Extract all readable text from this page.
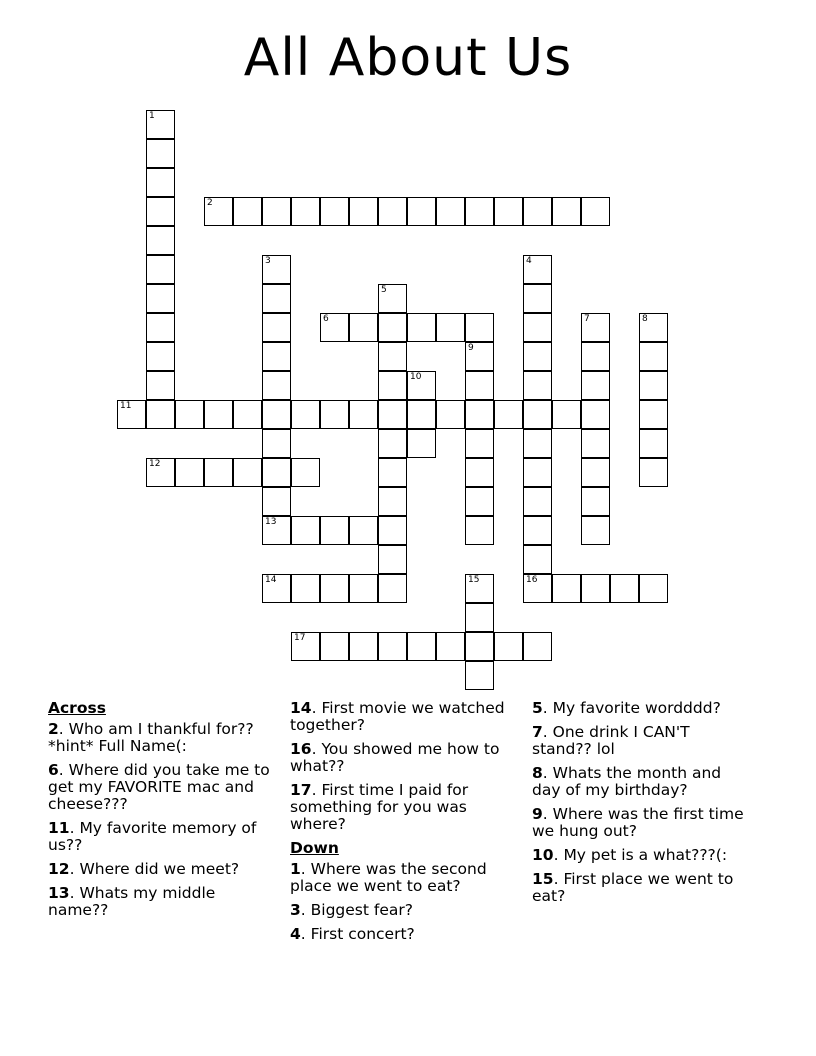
All About Us
1
2
3	4
5
6	7	8
9
10
11
12
13
14	15	16
17
Across
2. Who am I thankful for?? *hint* Full Name(:
6. Where did you take me to get my FAVORITE mac and cheese???
11. My favorite memory of us??
12. Where did we meet?
13. Whats my middle name??
14. First movie we watched together?
16. You showed me how to what??
17. First time I paid for something for you was where?
Down
1. Where was the second place we went to eat?
3. Biggest fear?
4. First concert?
5. My favorite wordddd?
7. One drink I CAN'T stand?? lol
8. Whats the month and day of my birthday?
9. Where was the first time we hung out?
10. My pet is a what???(:
15. First place we went to eat?
